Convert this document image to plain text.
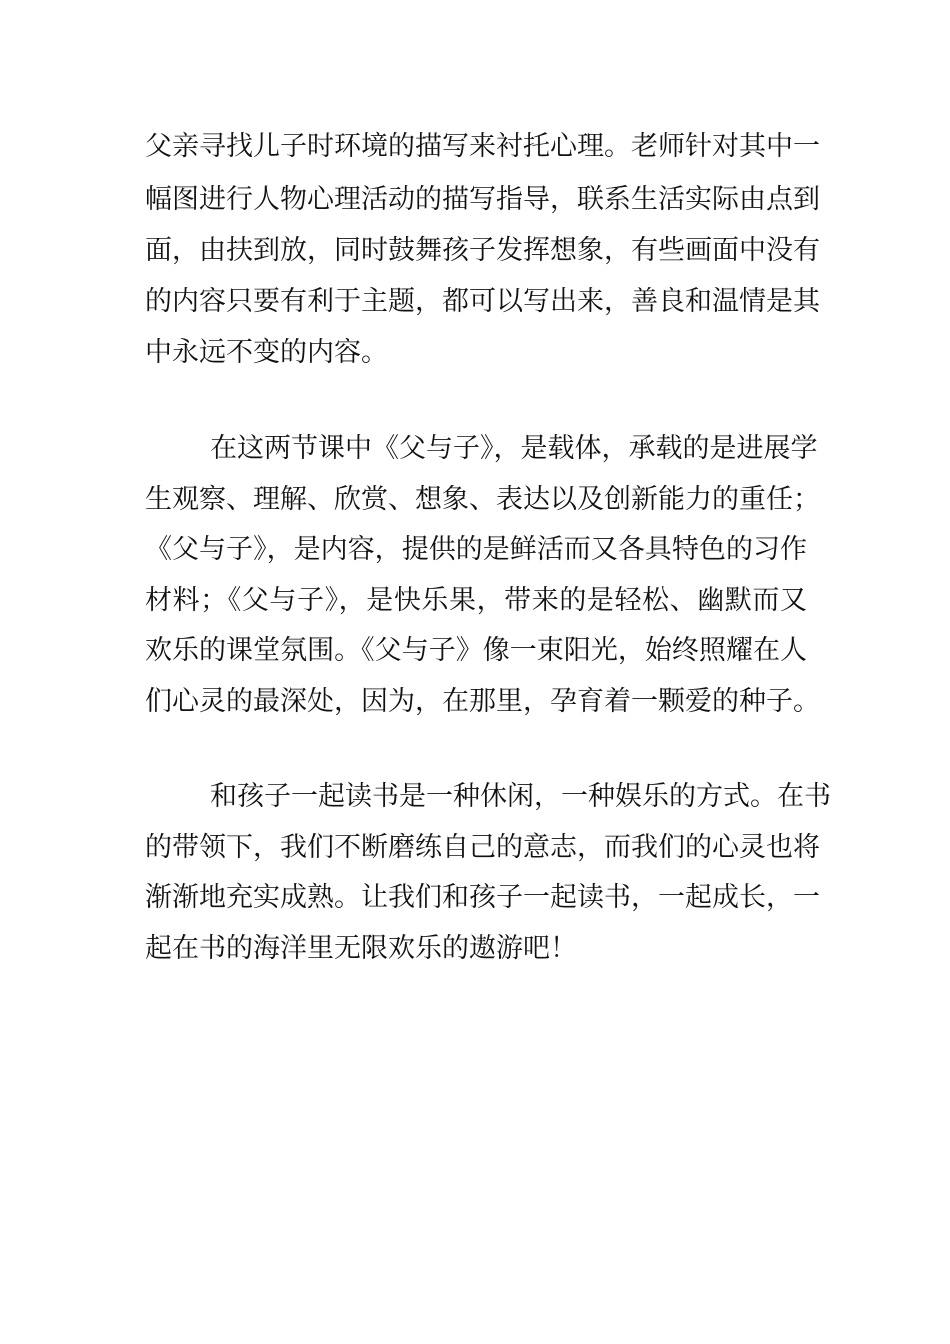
父亲寻找儿子时环境的描写来衬托心理。老师针对其中一
幅图进行人物心理活动的描写指导，联系生活实际由点到
面，由扶到放，同时鼓舞孩子发挥想象，有些画面中没有
的内容只要有利于主题，都可以写出来，善良和温情是其
中永远不变的内容。
在这两节课中《父与子》，是载体，承载的是进展学
生观察、理解、欣赏、想象、表达以及创新能力的重任；
《父与子》，是内容，提供的是鲜活而又各具特色的习作
材料；《父与子》，是快乐果，带来的是轻松、幽默而又
欢乐的课堂氛围。《父与子》像一束阳光，始终照耀在人
们心灵的最深处，因为，在那里，孕育着一颗爱的种子。
和孩子一起读书是一种休闲，一种娱乐的方式。在书
的带领下，我们不断磨练自己的意志，而我们的心灵也将
渐渐地充实成熟。让我们和孩子一起读书，一起成长，一
起在书的海洋里无限欢乐的遨游吧！
